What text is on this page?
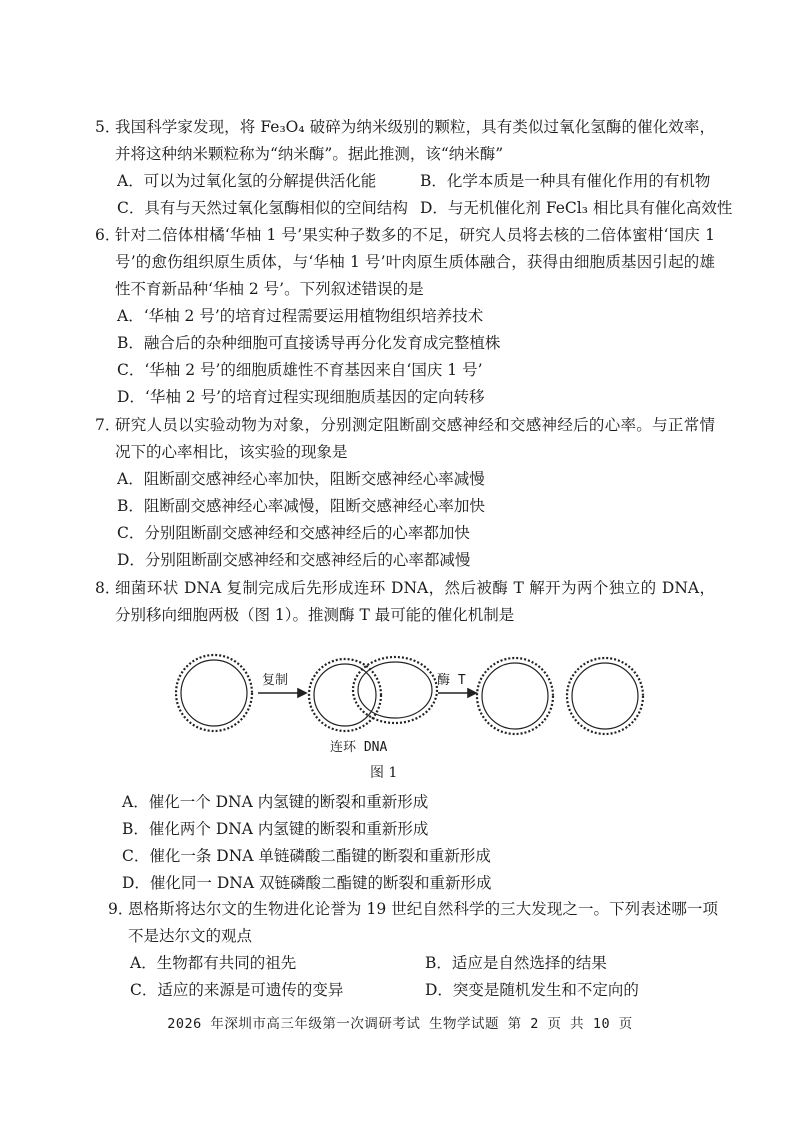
5．
我国科学家发现，将 Fe₃O₄ 破碎为纳米级别的颗粒，具有类似过氧化氢酶的催化效率，并将这种纳米颗粒称为“纳米酶”。据此推测，该“纳米酶”
A．可以为过氧化氢的分解提供活化能	B．化学本质是一种具有催化作用的有机物
C．具有与天然过氧化氢酶相似的空间结构 D．与无机催化剂 FeCl₃ 相比具有催化高效性
6．
针对二倍体柑橘‘华柚 1 号’果实种子数多的不足，研究人员将去核的二倍体蜜柑‘国庆 1 号’的愈伤组织原生质体，与‘华柚 1 号’叶肉原生质体融合，获得由细胞质基因引起的雄性不育新品种‘华柚 2 号’。下列叙述错误的是
A．‘华柚 2 号’的培育过程需要运用植物组织培养技术
B．融合后的杂种细胞可直接诱导再分化发育成完整植株
C．‘华柚 2 号’的细胞质雄性不育基因来自‘国庆 1 号’
D．‘华柚 2 号’的培育过程实现细胞质基因的定向转移
7．
研究人员以实验动物为对象，分别测定阻断副交感神经和交感神经后的心率。与正常情况下的心率相比，该实验的现象是
A．阻断副交感神经心率加快，阻断交感神经心率减慢
B．阻断副交感神经心率减慢，阻断交感神经心率加快
C．分别阻断副交感神经和交感神经后的心率都加快
D．分别阻断副交感神经和交感神经后的心率都减慢
8．
细菌环状 DNA 复制完成后先形成连环 DNA，然后被酶 T 解开为两个独立的 DNA，分别移向细胞两极（图 1）。推测酶 T 最可能的催化机制是
复制	酶 T
连环 DNA
图 1
A．催化一个 DNA 内氢键的断裂和重新形成
B．催化两个 DNA 内氢键的断裂和重新形成
C．催化一条 DNA 单链磷酸二酯键的断裂和重新形成
D．催化同一 DNA 双链磷酸二酯键的断裂和重新形成
9．
恩格斯将达尔文的生物进化论誉为 19 世纪自然科学的三大发现之一。下列表述哪一项不是达尔文的观点
A．生物都有共同的祖先	B．适应是自然选择的结果
C．适应的来源是可遗传的变异	D．突变是随机发生和不定向的
2026 年深圳市高三年级第一次调研考试 生物学试题 第 2 页 共 10 页
